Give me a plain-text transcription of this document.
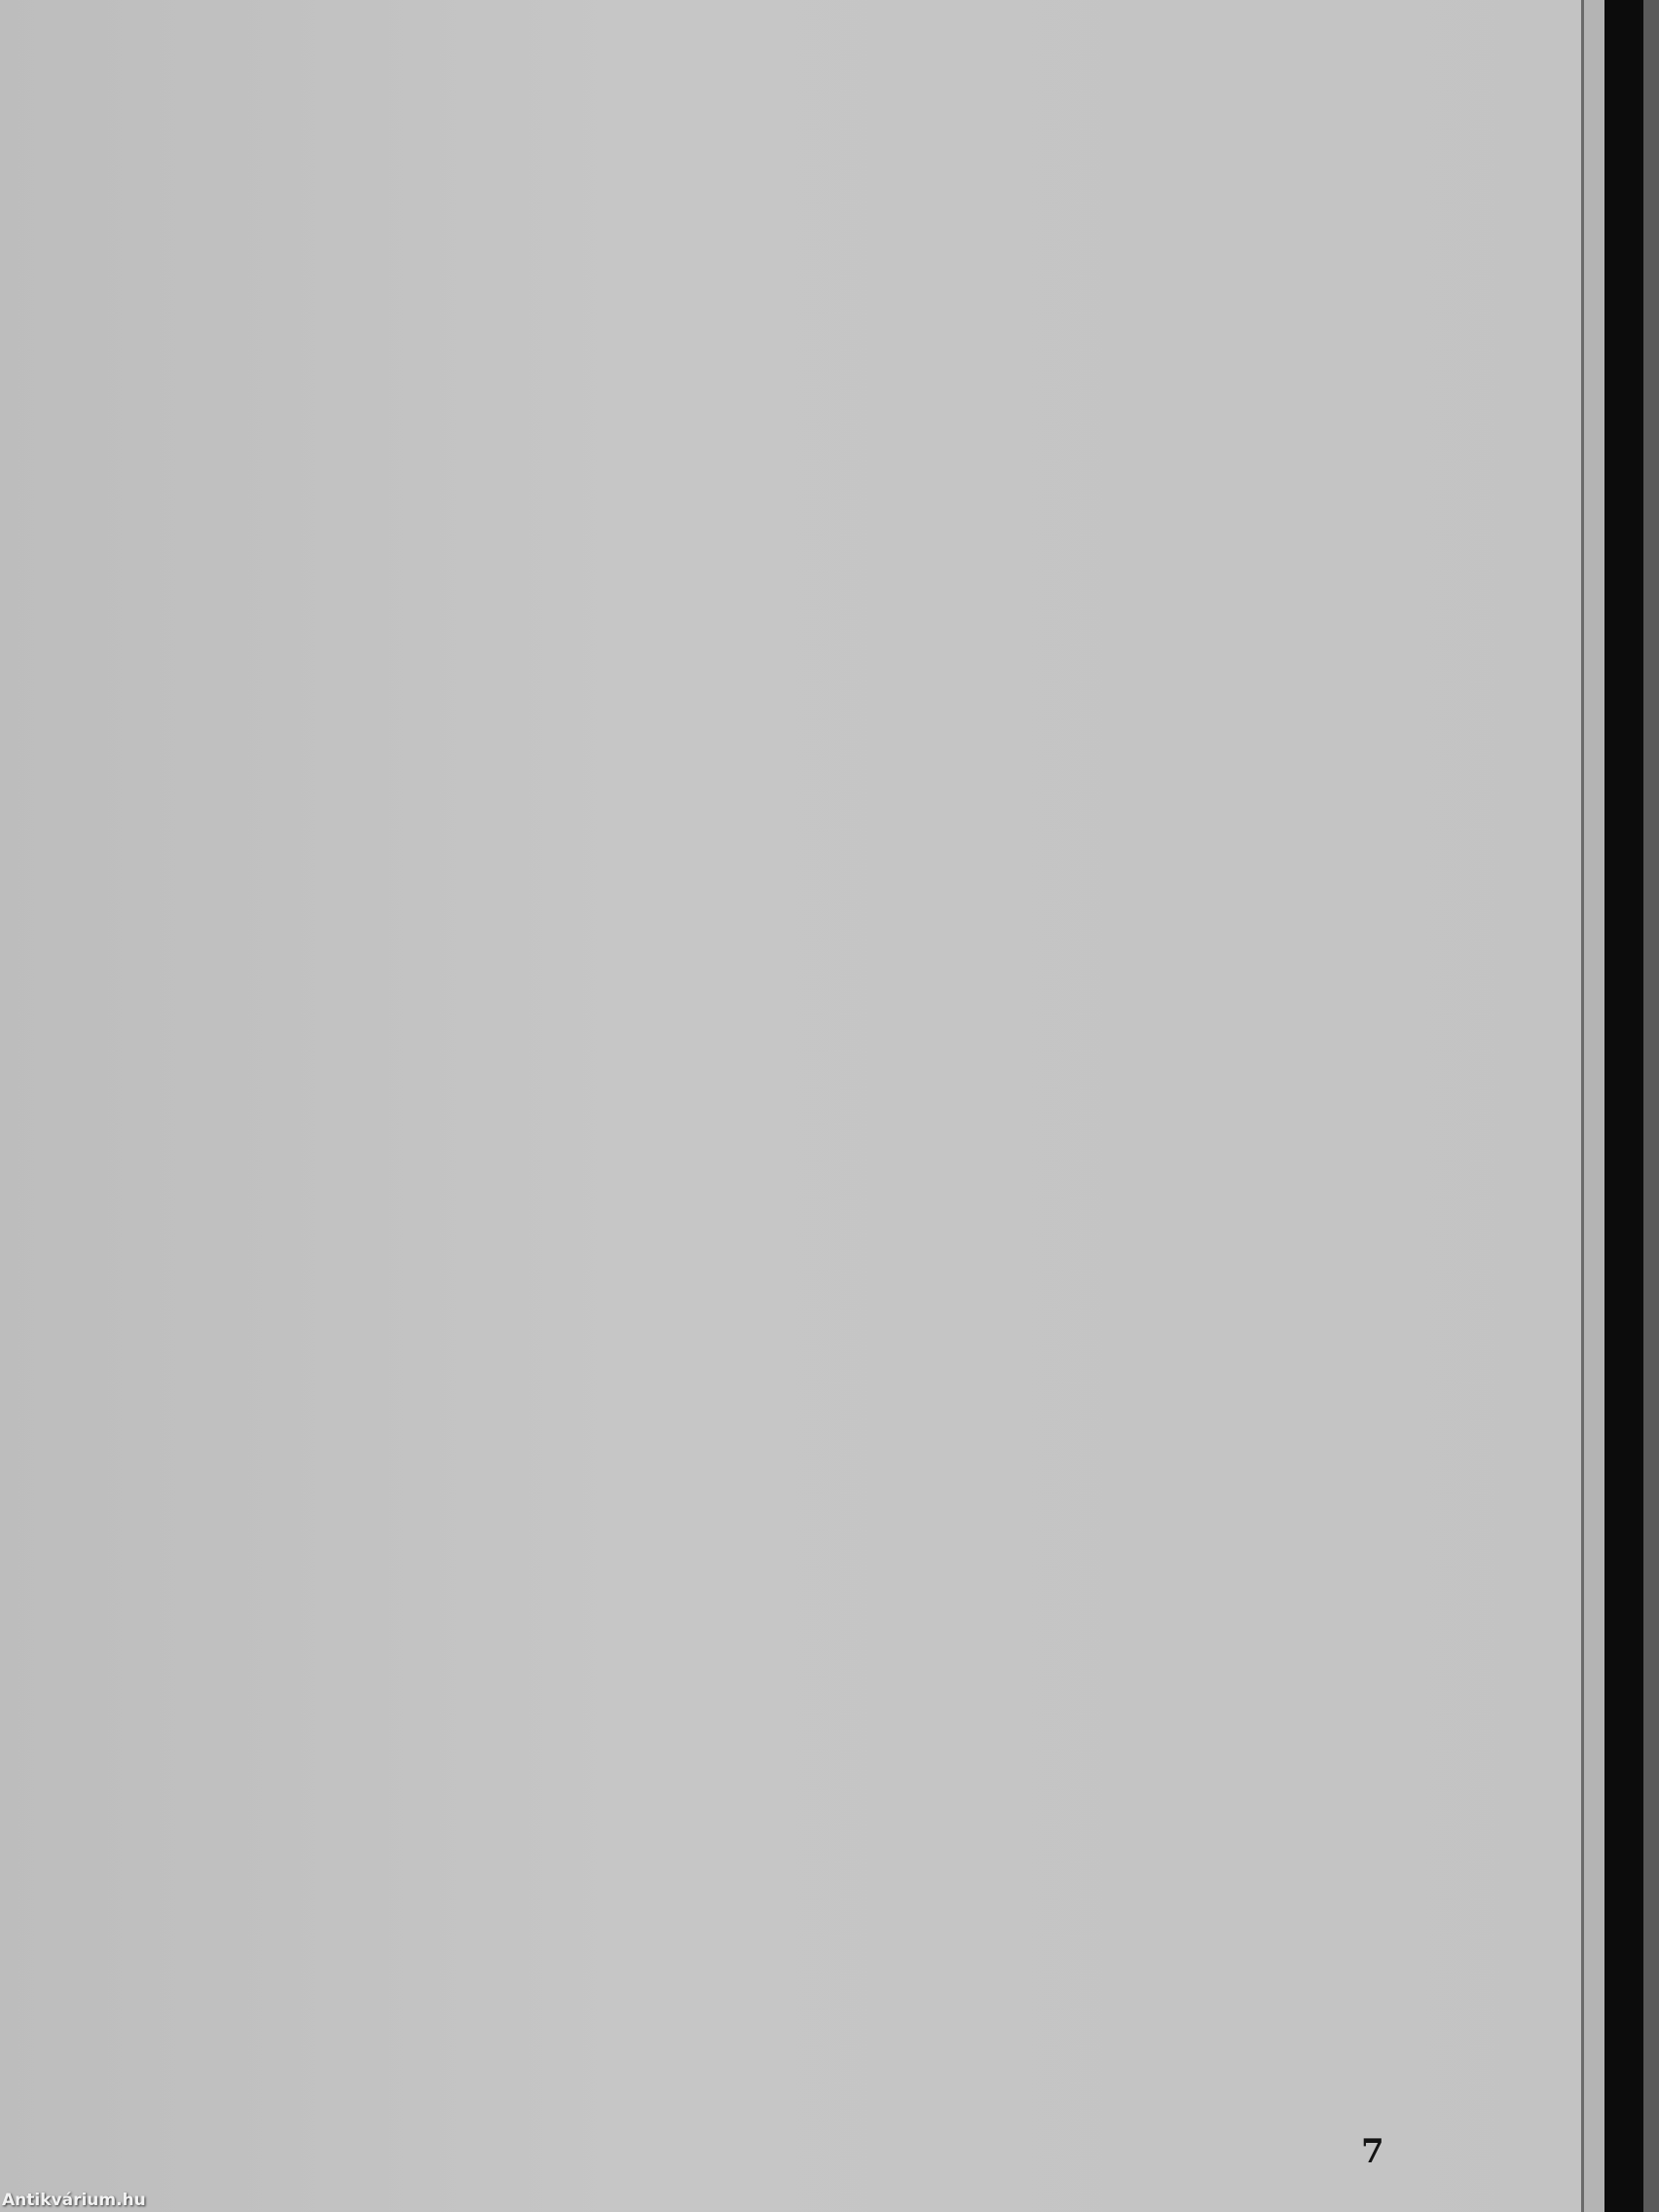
7
Antikvárium.hu
